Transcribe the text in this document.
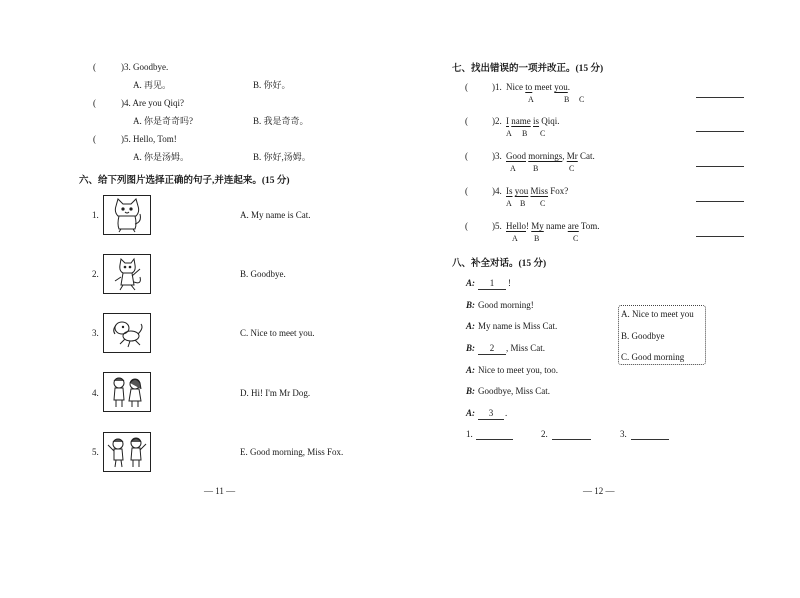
(	)3. Goodbye.
A. 再见。	B. 你好。
(	)4. Are you Qiqi?
A. 你是奇奇吗?	B. 我是奇奇。
(	)5. Hello, Tom!
A. 你是汤姆。	B. 你好,汤姆。
六、给下列图片选择正确的句子,并连起来。(15 分)
1.	A. My name is Cat.
2.	B. Goodbye.
3.	C. Nice to meet you.
4.	D. Hi! I'm Mr Dog.
5.	E. Good morning, Miss Fox.
— 11 —
七、找出错误的一项并改正。(15 分)
(	)1. Nice to meet you.
A	B C
(	)2. I name is Qiqi.
A B C
(	)3. Good mornings, Mr Cat.
A B	C
(	)4. Is you Miss Fox?
A B C
(	)5. Hello! My name are Tom.
A B	C
八、补全对话。(15 分)
A:	1	!
B: Good morning!
A: My name is Miss Cat.
B:	2	, Miss Cat.
A: Nice to meet you, too.
B: Goodbye, Miss Cat.
A:	3	.
A. Nice to meet you
B. Goodbye
C. Good morning
1.	2.	3.
— 12 —
